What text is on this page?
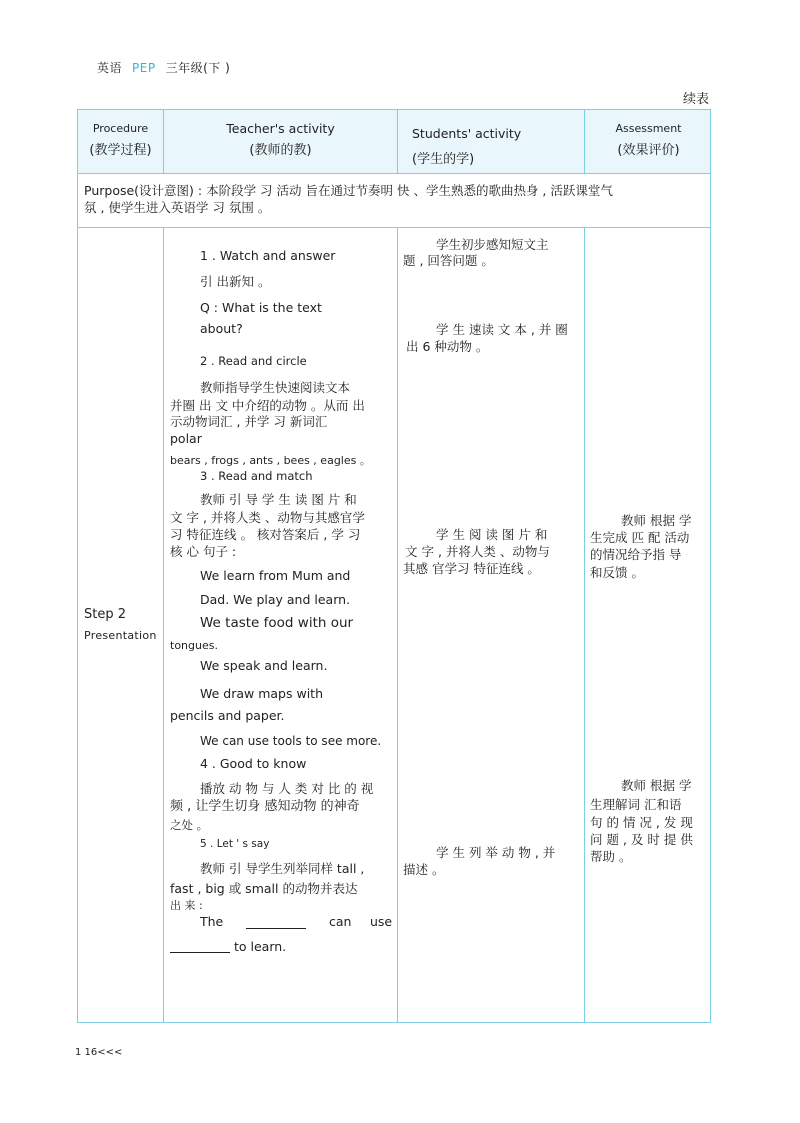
英语 PEP 三年级(下 )
续表
Procedure
(教学过程)
Teacher's activity
(教师的教)
Students' activity
(学生的学)
Assessment
(效果评价)
Purpose(设计意图) : 本阶段学 习 活动 旨在通过节奏明 快 、学生熟悉的歌曲热身 , 活跃课堂气
氛 , 使学生进入英语学 习 氛围 。
Step 2
Presentation
1 . Watch and answer
引 出新知 。
Q : What is the text
about?
2 . Read and circle
教师指导学生快速阅读文本
并圈 出 文 中介绍的动物 。从而 出
示动物词汇 , 并学 习 新词汇
polar
bears , frogs , ants , bees , eagles 。
3 . Read and match
教师 引 导 学 生 读 图 片 和
文 字 , 并将人类 、动物与其感官学
习 特征连线 。 核对答案后 , 学 习
核 心 句子 :
We learn from Mum and
Dad. We play and learn.
We taste food with our
tongues.
We speak and learn.
We draw maps with
pencils and paper.
We can use tools to see more.
4 . Good to know
播放 动 物 与 人 类 对 比 的 视
频 , 让学生切身 感知动物 的神奇
之处 。
5 . Let ' s say
教师 引 导学生列举同样 tall ,
fast , big 或 small 的动物并表达
出 来 :
The	can use
to learn.
学生初步感知短文主
题 , 回答问题 。
学 生 速读 文 本 , 并 圈
出 6 种动物 。
学 生 阅 读 图 片 和
文 字 , 并将人类 、动物与
其感 官学习 特征连线 。
学 生 列 举 动 物 , 并
描述 。
教师 根据 学
生完成 匹 配 活动
的情况给予指 导
和反馈 。
教师 根据 学
生理解词 汇和语
句 的 情 况 , 发 现
问 题 , 及 时 提 供
帮助 。
1 16<<<
